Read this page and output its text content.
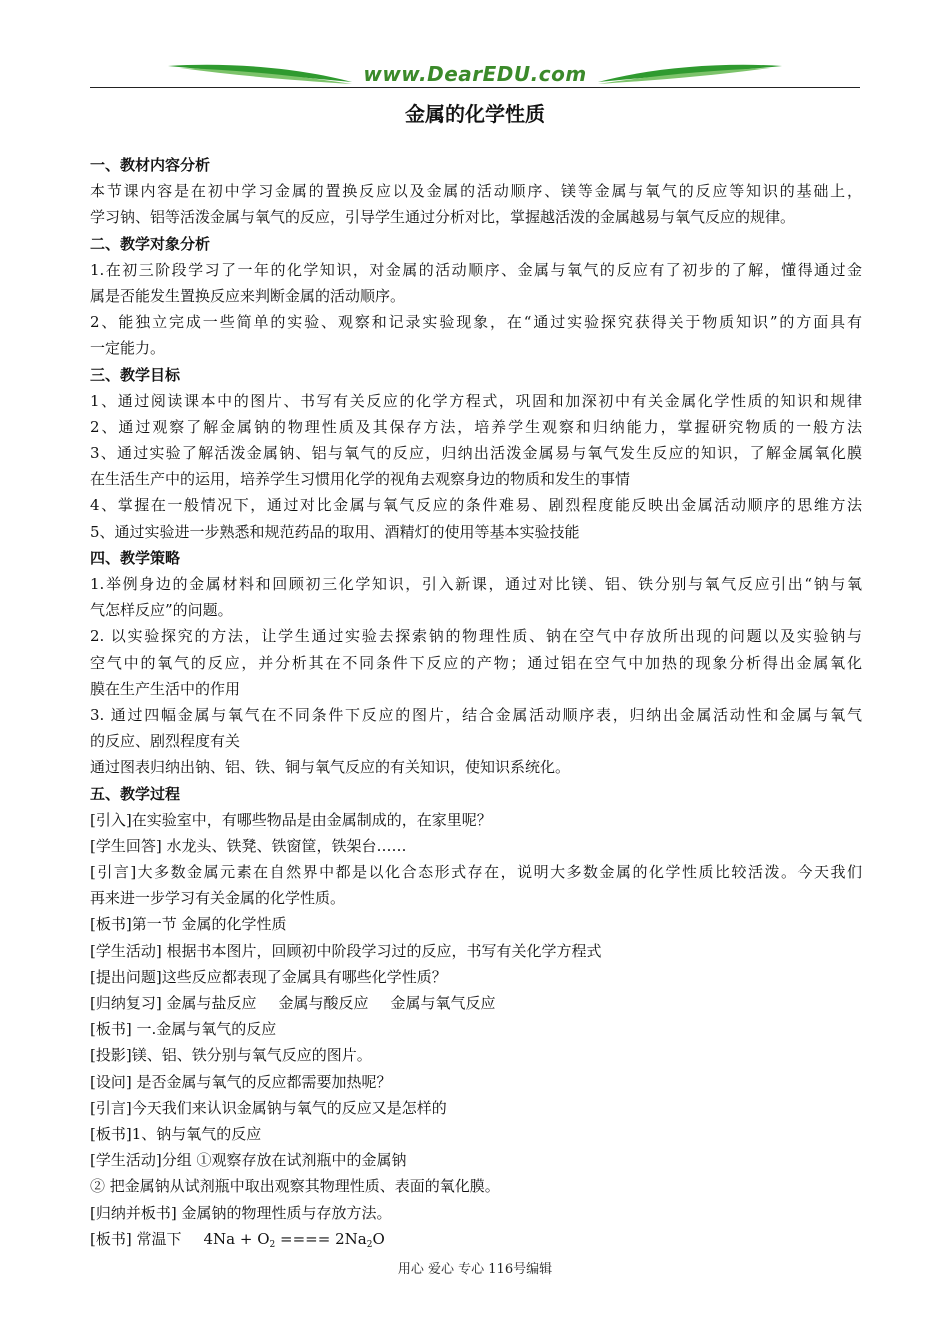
www.DearEDU.com
金属的化学性质
一、教材内容分析
本节课内容是在初中学习金属的置换反应以及金属的活动顺序、镁等金属与氧气的反应等知识的基础上，
学习钠、铝等活泼金属与氧气的反应，引导学生通过分析对比，掌握越活泼的金属越易与氧气反应的规律。
二、教学对象分析
1.在初三阶段学习了一年的化学知识，对金属的活动顺序、金属与氧气的反应有了初步的了解，懂得通过金
属是否能发生置换反应来判断金属的活动顺序。
2、能独立完成一些简单的实验、观察和记录实验现象，在“通过实验探究获得关于物质知识”的方面具有
一定能力。
三、教学目标
1、通过阅读课本中的图片、书写有关反应的化学方程式，巩固和加深初中有关金属化学性质的知识和规律
2、通过观察了解金属钠的物理性质及其保存方法，培养学生观察和归纳能力，掌握研究物质的一般方法
3、通过实验了解活泼金属钠、铝与氧气的反应，归纳出活泼金属易与氧气发生反应的知识，了解金属氧化膜
在生活生产中的运用，培养学生习惯用化学的视角去观察身边的物质和发生的事情
4、掌握在一般情况下，通过对比金属与氧气反应的条件难易、剧烈程度能反映出金属活动顺序的思维方法
5、通过实验进一步熟悉和规范药品的取用、酒精灯的使用等基本实验技能
四、教学策略
1.举例身边的金属材料和回顾初三化学知识，引入新课，通过对比镁、铝、铁分别与氧气反应引出“钠与氧
气怎样反应”的问题。
2. 以实验探究的方法，让学生通过实验去探索钠的物理性质、钠在空气中存放所出现的问题以及实验钠与
空气中的氧气的反应，并分析其在不同条件下反应的产物；通过铝在空气中加热的现象分析得出金属氧化
膜在生产生活中的作用
3. 通过四幅金属与氧气在不同条件下反应的图片，结合金属活动顺序表，归纳出金属活动性和金属与氧气
的反应、剧烈程度有关
通过图表归纳出钠、铝、铁、铜与氧气反应的有关知识，使知识系统化。
五、教学过程
[引入]在实验室中，有哪些物品是由金属制成的，在家里呢？
[学生回答] 水龙头、铁凳、铁窗筐，铁架台……
[引言]大多数金属元素在自然界中都是以化合态形式存在，说明大多数金属的化学性质比较活泼。今天我们
再来进一步学习有关金属的化学性质。
[板书]第一节 金属的化学性质
[学生活动] 根据书本图片，回顾初中阶段学习过的反应，书写有关化学方程式
[提出问题]这些反应都表现了金属具有哪些化学性质？
[归纳复习] 金属与盐反应 金属与酸反应 金属与氧气反应
[板书] 一.金属与氧气的反应
[投影]镁、铝、铁分别与氧气反应的图片。
[设问] 是否金属与氧气的反应都需要加热呢？
[引言]今天我们来认识金属钠与氧气的反应又是怎样的
[板书]1、钠与氧气的反应
[学生活动]分组 ①观察存放在试剂瓶中的金属钠
② 把金属钠从试剂瓶中取出观察其物理性质、表面的氧化膜。
[归纳并板书] 金属钠的物理性质与存放方法。
[板书] 常温下 $4Na + O_2$ ==== $2Na_2O$
用心 爱心 专心 116号编辑
